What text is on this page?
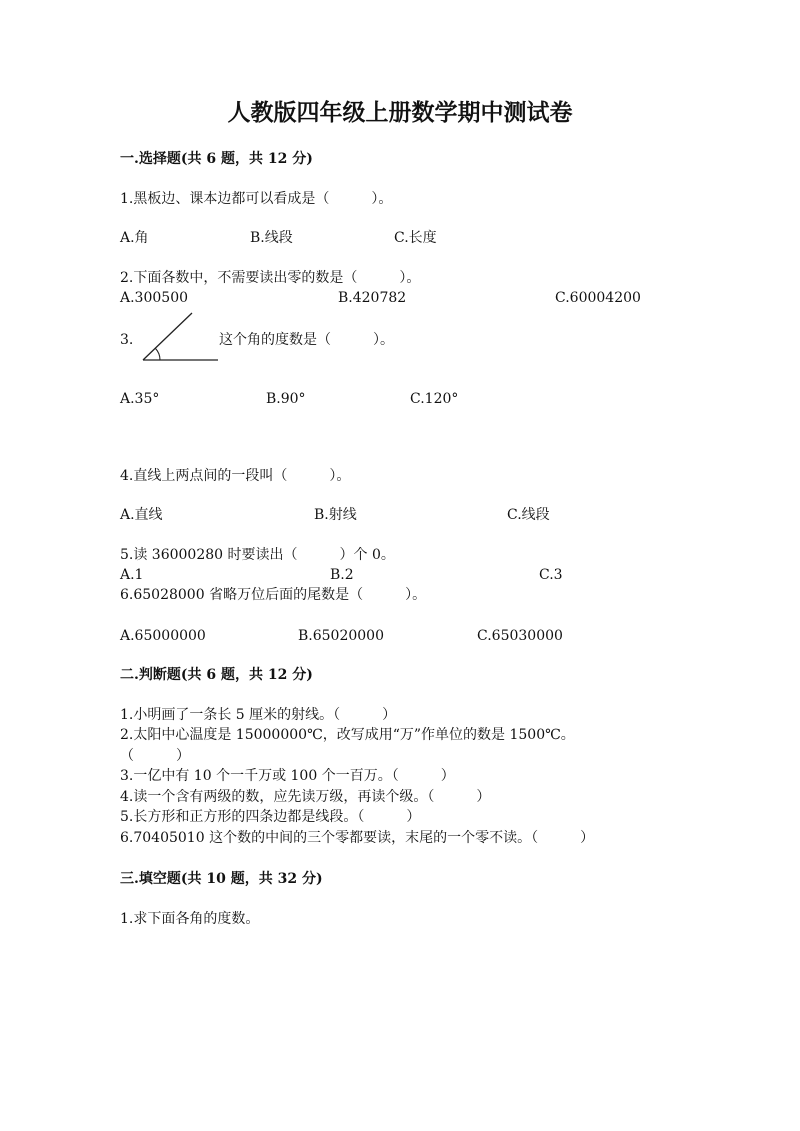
人教版四年级上册数学期中测试卷
一.选择题(共 6 题，共 12 分)
1.黑板边、课本边都可以看成是（　　　）。
A.角	B.线段	C.长度
2.下面各数中，不需要读出零的数是（　　　）。
A.300500	B.420782	C.60004200
3.	这个角的度数是（　　　）。
A.35°	B.90°	C.120°
4.直线上两点间的一段叫（　　　）。
A.直线	B.射线	C.线段
5.读 36000280 时要读出（　　　）个 0。
A.1	B.2	C.3
6.65028000 省略万位后面的尾数是（　　　）。
A.65000000	B.65020000	C.65030000
二.判断题(共 6 题，共 12 分)
1.小明画了一条长 5 厘米的射线。（　　　）
2.太阳中心温度是 15000000℃，改写成用“万”作单位的数是 1500℃。
（　　　）
3.一亿中有 10 个一千万或 100 个一百万。（　　　）
4.读一个含有两级的数，应先读万级，再读个级。（　　　）
5.长方形和正方形的四条边都是线段。（　　　）
6.70405010 这个数的中间的三个零都要读，末尾的一个零不读。（　　　）
三.填空题(共 10 题，共 32 分)
1.求下面各角的度数。
